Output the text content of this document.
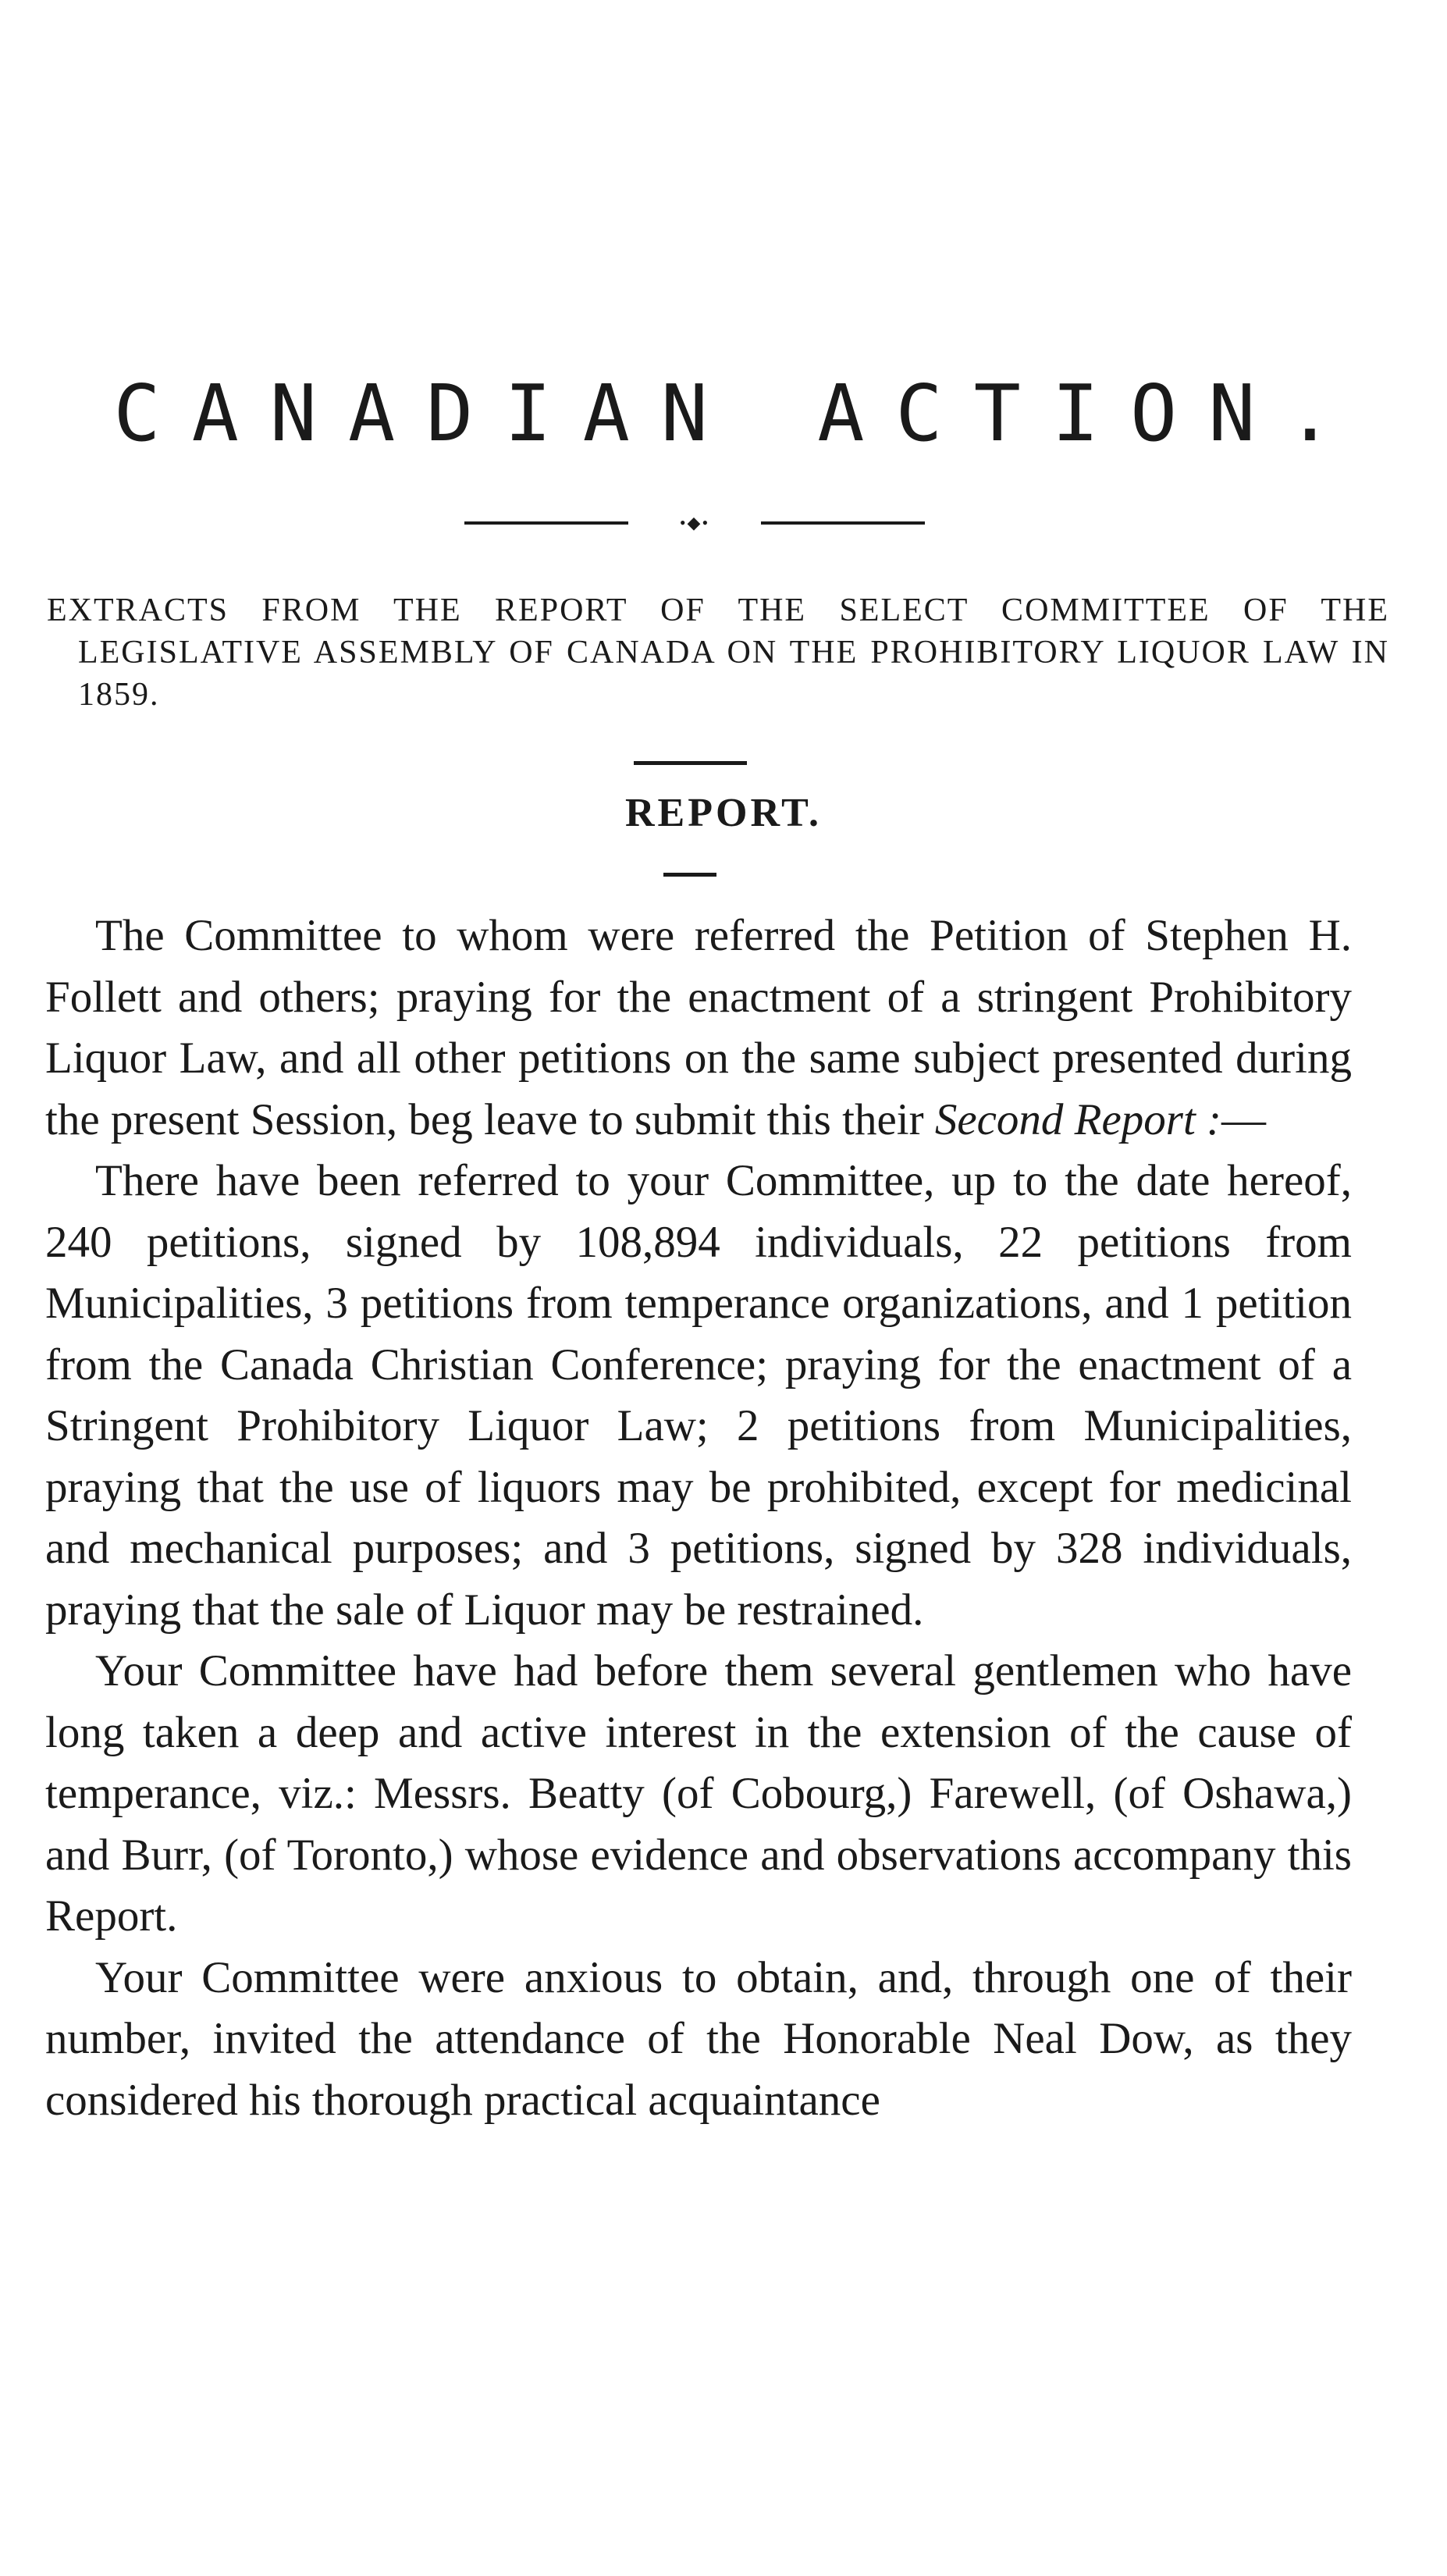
CANADIAN ACTION.
•◆•

EXTRACTS FROM THE REPORT OF THE SELECT COMMITTEE OF THE LEGISLATIVE ASSEMBLY OF CANADA ON THE PROHIBITORY LIQUOR LAW IN 1859.

REPORT.

The Committee to whom were referred the Petition of Stephen H. Follett and others; praying for the enactment of a stringent Prohibitory Liquor Law, and all other petitions on the same subject presented during the present Session, beg leave to submit this their Second Report :—

There have been referred to your Committee, up to the date hereof, 240 petitions, signed by 108,894 individuals, 22 petitions from Municipalities, 3 petitions from temperance organizations, and 1 petition from the Canada Christian Conference; praying for the enactment of a Stringent Prohibitory Liquor Law; 2 petitions from Municipalities, praying that the use of liquors may be prohibited, except for medicinal and mechanical purposes; and 3 petitions, signed by 328 individuals, praying that the sale of Liquor may be restrained.

Your Committee have had before them several gentlemen who have long taken a deep and active interest in the extension of the cause of temperance, viz.: Messrs. Beatty (of Cobourg,) Farewell, (of Oshawa,) and Burr, (of Toronto,) whose evidence and observations accompany this Report.

Your Committee were anxious to obtain, and, through one of their number, invited the attendance of the Honorable Neal Dow, as they considered his thorough practical acquaintance
